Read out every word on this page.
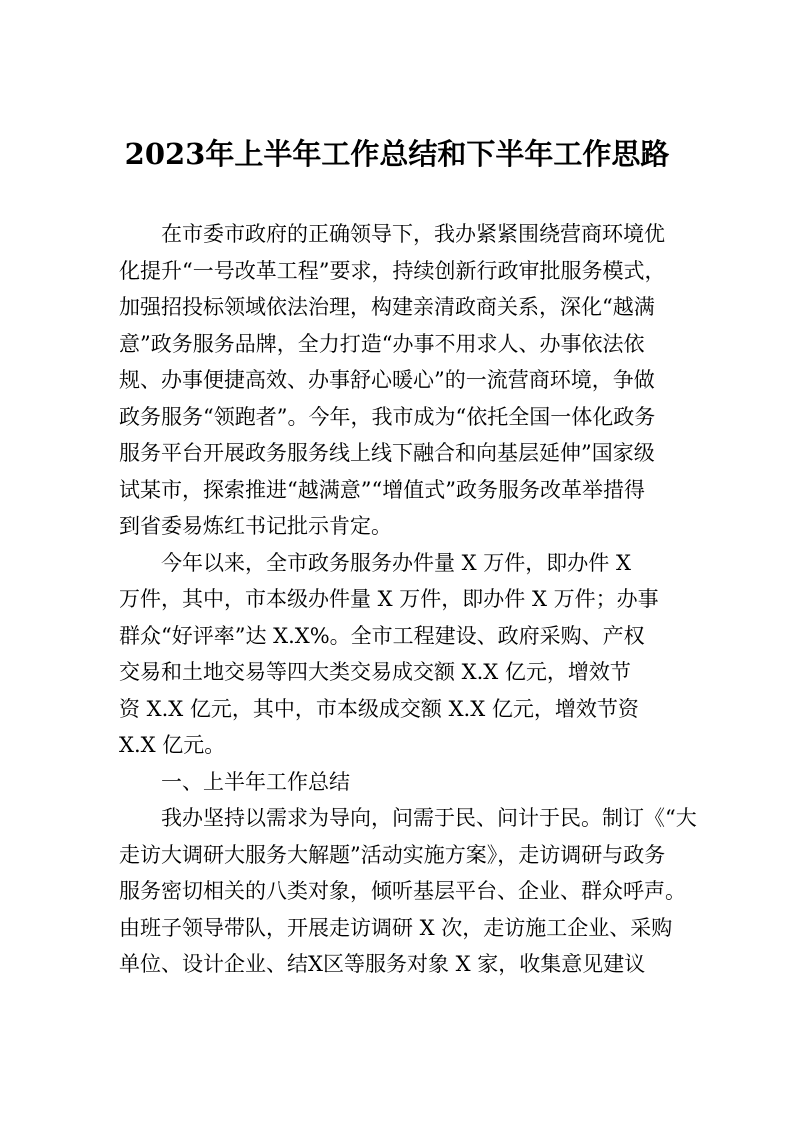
2023年上半年工作总结和下半年工作思路
在市委市政府的正确领导下，我办紧紧围绕营商环境优
化提升“一号改革工程”要求，持续创新行政审批服务模式，
加强招投标领域依法治理，构建亲清政商关系，深化“越满
意”政务服务品牌，全力打造“办事不用求人、办事依法依
规、办事便捷高效、办事舒心暖心”的一流营商环境，争做
政务服务“领跑者”。今年，我市成为“依托全国一体化政务
服务平台开展政务服务线上线下融合和向基层延伸”国家级
试某市，探索推进“越满意”“增值式”政务服务改革举措得
到省委易炼红书记批示肯定。
今年以来，全市政务服务办件量 X 万件，即办件 X
万件，其中，市本级办件量 X 万件，即办件 X 万件；办事
群众“好评率”达 X.X%。全市工程建设、政府采购、产权
交易和土地交易等四大类交易成交额 X.X 亿元，增效节
资 X.X 亿元，其中，市本级成交额 X.X 亿元，增效节资
X.X 亿元。
一、上半年工作总结
我办坚持以需求为导向，问需于民、问计于民。制订《“大
走访大调研大服务大解题”活动实施方案》，走访调研与政务
服务密切相关的八类对象，倾听基层平台、企业、群众呼声。
由班子领导带队，开展走访调研 X 次，走访施工企业、采购
单位、设计企业、结X区等服务对象 X 家，收集意见建议
